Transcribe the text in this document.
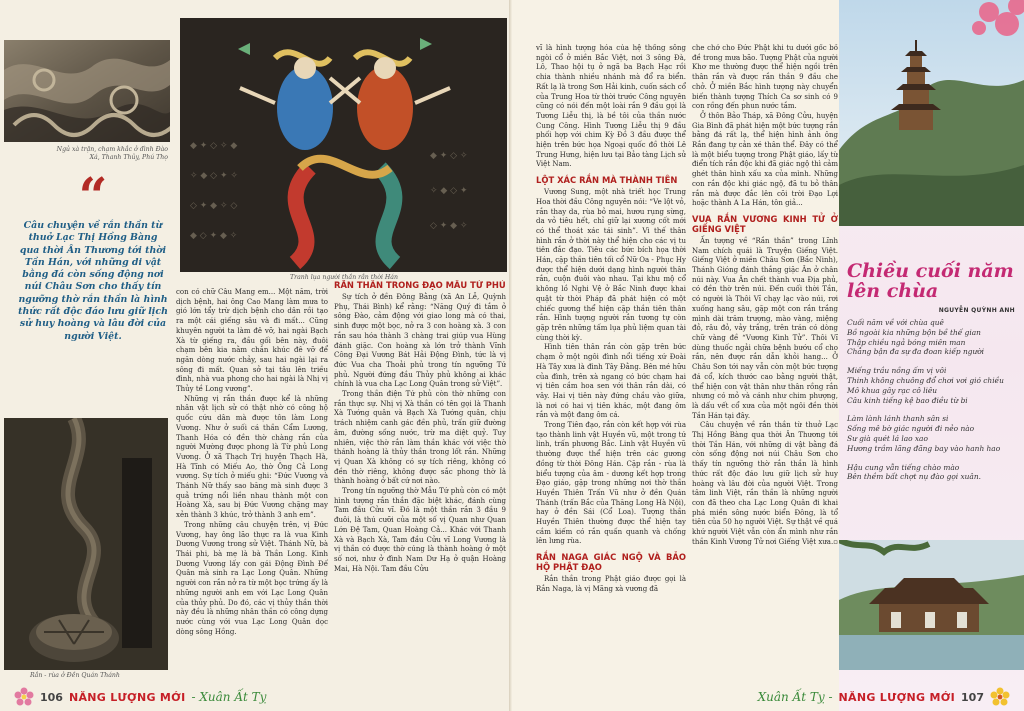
Ngủ xà trận, chạm khắc ở đình Đào Xá, Thanh Thủy, Phú Thọ
◆ ✦ ◇ ✧ ◆
✧ ◆ ◇ ✦ ✧
◇ ✦ ◆ ✧ ◇
◆ ◇ ✦ ◆ ✧
◆ ✦ ◇ ✧
✧ ◆ ◇ ✦
◇ ✦ ◆ ✧
Tranh lụa người thần rắn thời Hán
“
Câu chuyện về rắn thần từ thuở Lạc Thị Hồng Bàng qua thời Ân Thương tới thời Tần Hán, với những di vật bằng đá còn sống động nơi núi Châu Sơn cho thấy tín ngưỡng thờ rắn thần là hình thức rất độc đáo lưu giữ lịch sử huy hoàng và lâu đời của người Việt.
Rắn - rùa ở Đền Quán Thánh

con có chữ Câu Mang em... Một năm, trời dịch bệnh, hai ông Cao Mang làm mưa to gió lớn tẩy trừ dịch bệnh cho dân rồi tạo ra một cái giếng sâu và đi mất... Cũng khuyên người ta làm đê vỡ, hai ngài Bạch Xà từ giếng ra, đầu gối bên này, đuôi chạm bên kia nằm chắn khúc đê vỡ để ngăn dòng nước chảy, sau hai ngài lại ra sông đi mất. Quan sở tại tâu lên triều đình, nhà vua phong cho hai ngài là Nhị vị Thủy tề Long vương”.

Những vị rắn thần được kể là những nhân vật lịch sử có thật nhờ có công hộ quốc cứu dân mà được tôn làm Long Vương. Như ở suối cá thần Cẩm Lương, Thanh Hóa có đền thờ chàng rắn của người Mường được phong là Từ phủ Long Vương. Ở xã Thạch Trị huyện Thạch Hà, Hà Tĩnh có Miếu Ao, thờ Ông Cả Long vương. Sự tích ở miếu ghi: “Đức Vương và Thánh Nữ thấy sao băng mà sinh được 3 quả trứng nổi liền nhau thành một con Hoàng Xà, sau bị Đức Vương chặng may xẻn thành 3 khúc, trở thành 3 anh em”.

Trong những câu chuyện trên, vị Đức Vương, hay ông lão thực ra là vua Kinh Dương Vương trong sử Việt. Thánh Nữ, bà Thái phi, bà mẹ là bà Thần Long. Kinh Dương Vương lấy con gái Động Đình Đế Quân mà sinh ra Lạc Long Quân. Những người con rắn nở ra từ một bọc trứng ấy là những người anh em với Lạc Long Quân của thủy phủ. Do đó, các vị thủy thần thời này đều là những nhân thần có công dựng nước cùng với vua Lạc Long Quân dọc dòng sông Hồng.

RẮN THẦN TRONG ĐẠO MẪU TỨ PHỦ

Sự tích ở đền Đông Bằng (xã An Lễ, Quỳnh Phụ, Thái Bình) kể rằng: “Năng Quý đi tắm ở sông Đào, cảm động với giao long mà có thai, sinh được một bọc, nở ra 3 con hoàng xà. 3 con rắn sau hóa thành 3 chàng trai giúp vua Hùng đánh giặc. Con hoàng xà lớn trở thành Vĩnh Công Đại Vương Bát Hải Động Đình, tức là vị đức Vua cha Thoải phủ trong tín ngưỡng Tứ phủ. Người đứng đầu Thủy phủ không ai khác chính là vua cha Lạc Long Quân trong sử Việt”.

Trong thần điện Tứ phủ còn thờ những con rắn thực sự. Nhị vị Xà thần có tên gọi là Thanh Xà Tướng quân và Bạch Xà Tướng quân, chịu trách nhiệm canh gác đền phủ, trấn giữ đường âm, đường sống nước, trừ ma diệt quỷ. Tuy nhiên, việc thờ rắn làm thần khác với việc thờ thánh hoàng là thủy thần trong lốt rắn. Những vị Quan Xà không có sự tích riêng, không có đền thờ riêng, không được sắc phong thờ là thành hoàng ở bất cứ nơi nào.

Trong tín ngưỡng thờ Mẫu Tứ phủ còn có một hình tượng rắn thần đặc biệt khác, đánh cùng Tam đầu Cửu vĩ. Đó là một thần rắn 3 đầu 9 đuôi, là thú cưỡi của một số vị Quan như Quan Lớn Đệ Tam, Quan Hoàng Cả... Khác với Thanh Xà và Bạch Xà, Tam đầu Cửu vĩ Long Vương là vị thần có được thờ cúng là thành hoàng ở một số nơi, như ở đình Nam Dư Hạ ở quận Hoàng Mai, Hà Nội. Tam đầu Cửu

106 NĂNG LƯỢNG MỚI - Xuân Ất Tỵ

vĩ là hình tượng hóa của hệ thống sông ngòi cổ ở miền Bắc Việt, nơi 3 sông Đà, Lô, Thao hội tụ ở ngã ba Bạch Hạc rồi chia thành nhiều nhánh mà đổ ra biển. Rất lạ là trong Sơn Hải kinh, cuốn sách cổ của Trung Hoa từ thời trước Công nguyên cũng có nói đến một loài rắn 9 đầu gọi là Tương Liễu thị, là bề tôi của thần nước Cung Công. Hình Tương Liễu thị 9 đầu phối hợp với chim Kỳ Đồ 3 đầu được thể hiện trên bức họa Ngoại quốc đồ thời Lê Trung Hưng, hiện lưu tại Bảo tàng Lịch sử Việt Nam.

LỘT XÁC RẮN MÀ THÀNH TIÊN

Vương Sung, một nhà triết học Trung Hoa thời đầu Công nguyên nói: “Ve lột vỏ, rắn thay da, rùa bỏ mai, hươu rụng sừng, da vỏ tiêu hết, chỉ giữ lại xương cốt mới có thể thoát xác tái sinh”. Vì thế thân hình rắn ở thời này thể hiện cho các vị tu tiên đắc đạo. Tiêu các bức bích họa thời Hán, cặp thần tiên tối cổ Nữ Oa - Phục Hy được thể hiện dưới dạng hình người thân rắn, cuộn đuôi vào nhau. Tại khu mộ cổ không lồ Nghi Vệ ở Bắc Ninh được khai quật từ thời Pháp đã phát hiện có một chiếc gương thể hiện cặp thần tiên thân rắn. Hình tượng người rắn tương tự còn gặp trên những tấm lụa phủ liệm quan tài cùng thời kỳ.

Hình tiên thân rắn còn gặp trên bức chạm ở một ngôi đình nổi tiếng xứ Đoài Hà Tây xưa là đình Tây Đằng. Bên mé hữu của đình, trên xà ngang có bức chạm hai vị tiên cầm hoa sen với thân rắn dài, có vây. Hai vị tiên này đứng chầu vào giữa, là nơi có hai vị tiên khác, một đang ôm rắn và một đang ôm cá.

Trong Tiên đạo, rắn còn kết hợp với rùa tạo thành linh vật Huyền vũ, một trong tứ linh, trấn phương Bắc. Linh vật Huyền vũ thường được thể hiện trên các gương đồng từ thời Đông Hán. Cặp rắn - rùa là biểu tượng của âm - dương kết hợp trong Đạo giáo, gặp trong những nơi thờ thần Huyền Thiên Trấn Vũ như ở đền Quán Thánh (trấn Bắc của Thăng Long Hà Nội), hay ở đền Sái (Cổ Loa). Tượng thần Huyền Thiên thường được thể hiện tay cầm kiếm có rắn quấn quanh và chống lên lưng rùa.

RẮN NAGA GIÁC NGỘ VÀ BẢO HỘ PHẬT ĐẠO

Rắn thần trong Phật giáo được gọi là Rắn Naga, là vị Mãng xà vương đã

che chở cho Đức Phật khi tu dưới gốc bồ đề trong mưa bão. Tượng Phật của người Khơ me thường được thể hiện ngồi trên thân rắn và được rắn thần 9 đầu che chở. Ở miền Bắc hình tượng này chuyển biến thành tượng Thích Ca sơ sinh có 9 con rồng đến phun nước tắm.

Ở thôn Bảo Tháp, xã Đông Cửu, huyện Gia Bình đã phát hiện một bức tượng rắn bằng đá rất lạ, thể hiện hình ảnh ông Rắn đang tự cản xé thân thể. Đây có thể là một biểu tượng trong Phật giáo, lấy từ điển tích rắn độc khi đã giác ngộ thì cảm ghét thân hình xấu xa của mình. Những con rắn độc khi giác ngộ, đã tu bỏ thân rắn mà được đắc lên cõi trời Đạo Lợi hoặc thành A La Hán, tôn giả...

VUA RẮN VƯƠNG KINH TỬ Ở GIẾNG VIỆT

Ấn tượng về “Rắn thần” trong Lĩnh Nam chích quái là Truyện Giếng Việt. Giếng Việt ở miền Châu Sơn (Bắc Ninh), Thánh Gióng đánh thắng giặc Ân ở chân núi này. Vua Ân chết thành vua Địa phủ, có đền thờ trên núi. Đến cuối thời Tần, có người là Thôi Vĩ chạy lạc vào núi, rơi xuống hang sâu, gặp một con rắn trắng mình dài trăm trượng, mào vàng, miệng đỏ, râu đỏ, vảy trắng, trên trán có dòng chữ vàng đề “Vương Kinh Tử”. Thôi Vĩ dùng thuốc ngải chữa bệnh bướu cổ cho rắn, nên được rắn dẫn khỏi hang... Ở Châu Sơn tới nay vẫn còn một bức tượng đá cổ, kích thước cao bằng người thật, thể hiện con vật thân như thân rồng rắn nhưng có mỏ và cánh như chim phượng, là dấu vết cổ xưa của một ngôi đền thời Tần Hán tại đây.

Câu chuyện về rắn thần từ thuở Lạc Thị Hồng Bàng qua thời Ân Thương tới thời Tần Hán, với những di vật bằng đá còn sống động nơi núi Châu Sơn cho thấy tín ngưỡng thờ rắn thần là hình thức rất độc đáo lưu giữ lịch sử huy hoàng và lâu đời của người Việt. Trong tâm linh Việt, rắn thần là những người con đã theo cha Lạc Long Quân đi khai phá miền sông nước biển Đông, là tổ tiên của 50 họ người Việt. Sự thật về quá khứ người Việt vẫn còn ẩn mình như rắn thần Kinh Vương Tử nơi Giếng Việt xưa.▫

Chiều cuối năm lên chùa
NGUYỄN QUỲNH ANH
Cuối năm về với chùa quê
Bồ ngoài kia những bộn bề thế gian
Thập chiều ngả bóng miên man
Chẳng bận đa sự đa đoan kiếp người
Miếng trầu nồng ấm vị vôi
Thinh không chuông đổ chơi vơi gió chiều
Mô khua gây rạc cô liêu
Câu kinh tiếng kệ bao điều từ bi
Làm lành lánh thanh sân si
Sống mê bờ giác người đi nẻo nào
Sư già quét lá lao xao
Hương trầm lãng đãng bay vào hanh hao
Hậu cung vẫn tiếng chào mào
Bên thềm bất chợt nụ đào gọi xuân.
Xuân Ất Tỵ - NĂNG LƯỢNG MỚI 107
